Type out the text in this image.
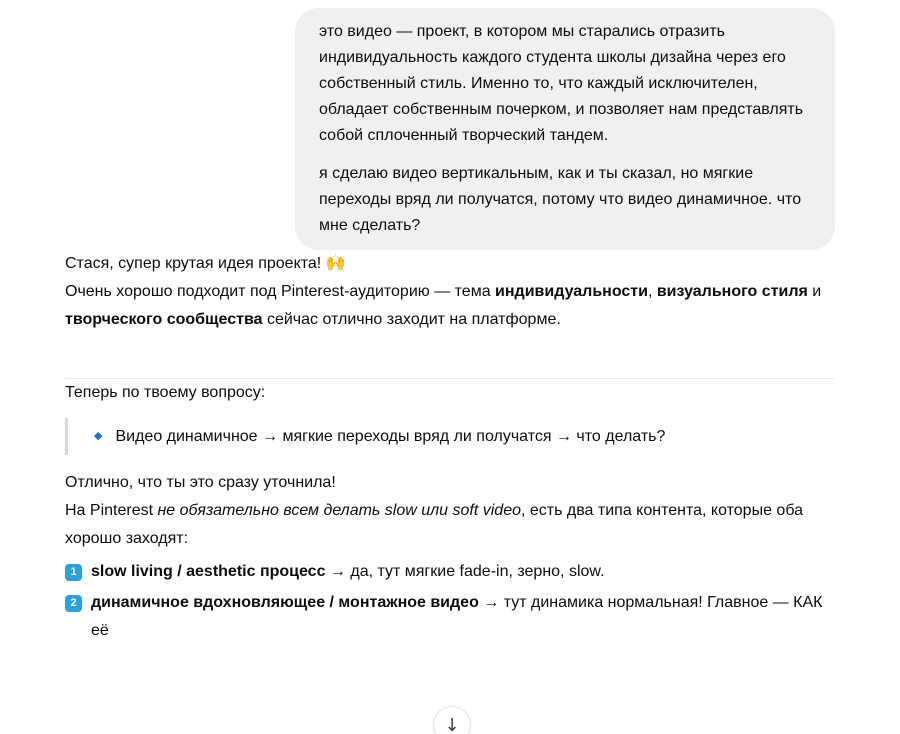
это видео — проект, в котором мы старались отразить индивидуальность каждого студента школы дизайна через его собственный стиль. Именно то, что каждый исключителен, обладает собственным почерком, и позволяет нам представлять собой сплоченный творческий тандем.

я сделаю видео вертикальным, как и ты сказал, но мягкие переходы вряд ли получатся, потому что видео динамичное. что мне сделать?

Стася, супер крутая идея проекта! 🙌

Очень хорошо подходит под Pinterest-аудиторию — тема индивидуальности, визуального стиля и творческого сообщества сейчас отлично заходит на платформе.

Теперь по твоему вопросу:

◆ Видео динамичное → мягкие переходы вряд ли получатся → что делать?

Отлично, что ты это сразу уточнила!

На Pinterest не обязательно всем делать slow или soft video, есть два типа контента, которые оба хорошо заходят:

1 slow living / aesthetic процесс → да, тут мягкие fade-in, зерно, slow.
2 динамичное вдохновляющее / монтажное видео → тут динамика нормальная! Главное — КАК её
↓
